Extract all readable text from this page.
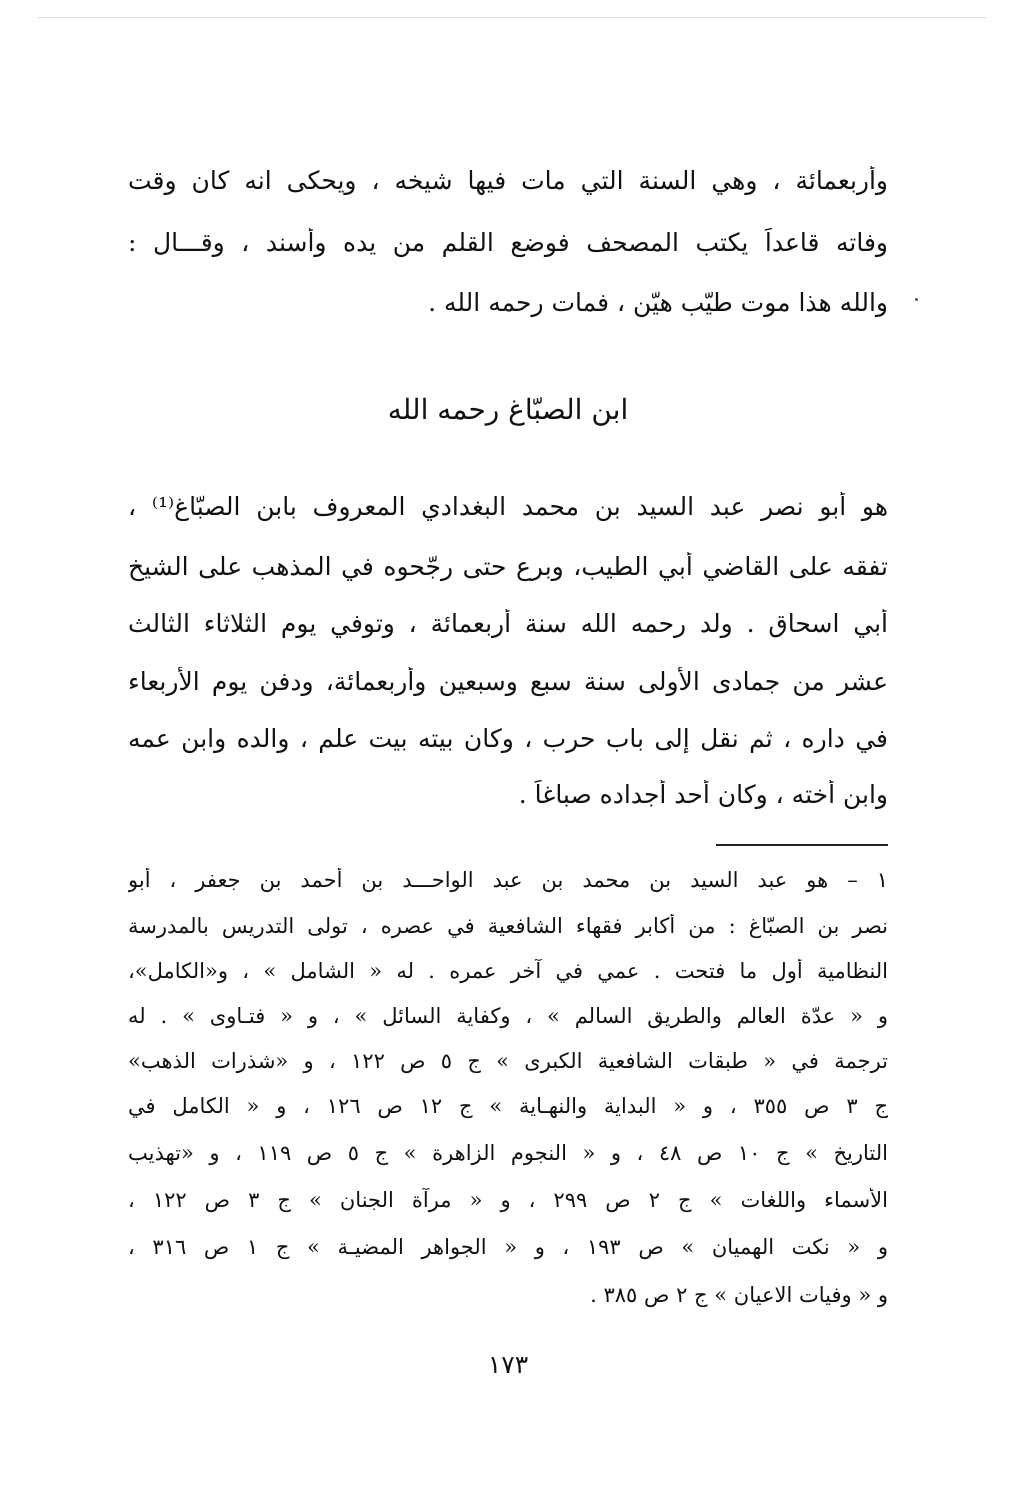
وأربعمائة ، وهي السنة التي مات فيها شيخه ، ويحكى انه كان وقت
وفاته قاعداً يكتب المصحف فوضع القلم من يده وأسند ، وقـــال :
والله هذا موت طيّب هيّن ، فمات رحمه الله .
ابن الصبّاغ رحمه الله
هو أبو نصر عبد السيد بن محمد البغدادي المعروف بابن الصبّاغ⁽¹⁾ ،
تفقه على القاضي أبي الطيب، وبرع حتى رجّحوه في المذهب على الشيخ
أبي اسحاق . ولد رحمه الله سنة أربعمائة ، وتوفي يوم الثلاثاء الثالث
عشر من جمادى الأولى سنة سبع وسبعين وأربعمائة، ودفن يوم الأربعاء
في داره ، ثم نقل إلى باب حرب ، وكان بيته بيت علم ، والده وابن عمه
وابن أخته ، وكان أحد أجداده صباغاً .
١ – هو عبد السيد بن محمد بن عبد الواحـــد بن أحمد بن جعفر ، أبو
نصر بن الصبّاغ : من أكابر فقهاء الشافعية في عصره ، تولى التدريس بالمدرسة
النظامية أول ما فتحت . عمي في آخر عمره . له « الشامل » ، و«الكامل»،
و « عدّة العالم والطريق السالم » ، وكفاية السائل » ، و « فتـاوى » . له
ترجمة في « طبقات الشافعية الكبرى » ج ٥ ص ١٢٢ ، و «شذرات الذهب»
ج ٣ ص ٣٥٥ ، و « البداية والنهـاية » ج ١٢ ص ١٢٦ ، و « الكامل في
التاريخ » ج ١٠ ص ٤٨ ، و « النجوم الزاهرة » ج ٥ ص ١١٩ ، و «تهذيب
الأسماء واللغات » ج ٢ ص ٢٩٩ ، و « مرآة الجنان » ج ٣ ص ١٢٢ ،
و « نكت الهميان » ص ١٩٣ ، و « الجواهر المضيـة » ج ١ ص ٣١٦ ،
و « وفيات الاعيان » ج ٢ ص ٣٨٥ .
١٧٣
